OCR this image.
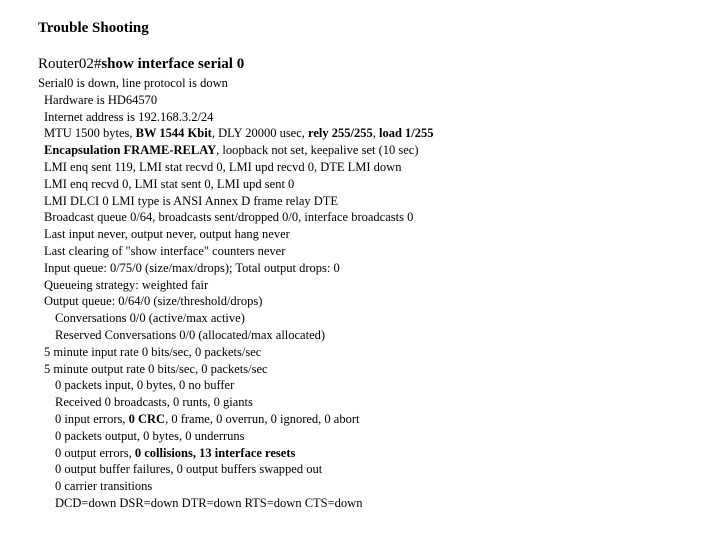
Trouble Shooting
Router02#show interface serial 0
Serial0 is down, line protocol is down
Hardware is HD64570
Internet address is 192.168.3.2/24
MTU 1500 bytes, BW 1544 Kbit, DLY 20000 usec, rely 255/255, load 1/255
Encapsulation FRAME-RELAY, loopback not set, keepalive set (10 sec)
LMI enq sent 119, LMI stat recvd 0, LMI upd recvd 0, DTE LMI down
LMI enq recvd 0, LMI stat sent 0, LMI upd sent 0
LMI DLCI 0 LMI type is ANSI Annex D frame relay DTE
Broadcast queue 0/64, broadcasts sent/dropped 0/0, interface broadcasts 0
Last input never, output never, output hang never
Last clearing of "show interface" counters never
Input queue: 0/75/0 (size/max/drops); Total output drops: 0
Queueing strategy: weighted fair
Output queue: 0/64/0 (size/threshold/drops)
Conversations 0/0 (active/max active)
Reserved Conversations 0/0 (allocated/max allocated)
5 minute input rate 0 bits/sec, 0 packets/sec
5 minute output rate 0 bits/sec, 0 packets/sec
0 packets input, 0 bytes, 0 no buffer
Received 0 broadcasts, 0 runts, 0 giants
0 input errors, 0 CRC, 0 frame, 0 overrun, 0 ignored, 0 abort
0 packets output, 0 bytes, 0 underruns
0 output errors, 0 collisions, 13 interface resets
0 output buffer failures, 0 output buffers swapped out
0 carrier transitions
DCD=down DSR=down DTR=down RTS=down CTS=down
